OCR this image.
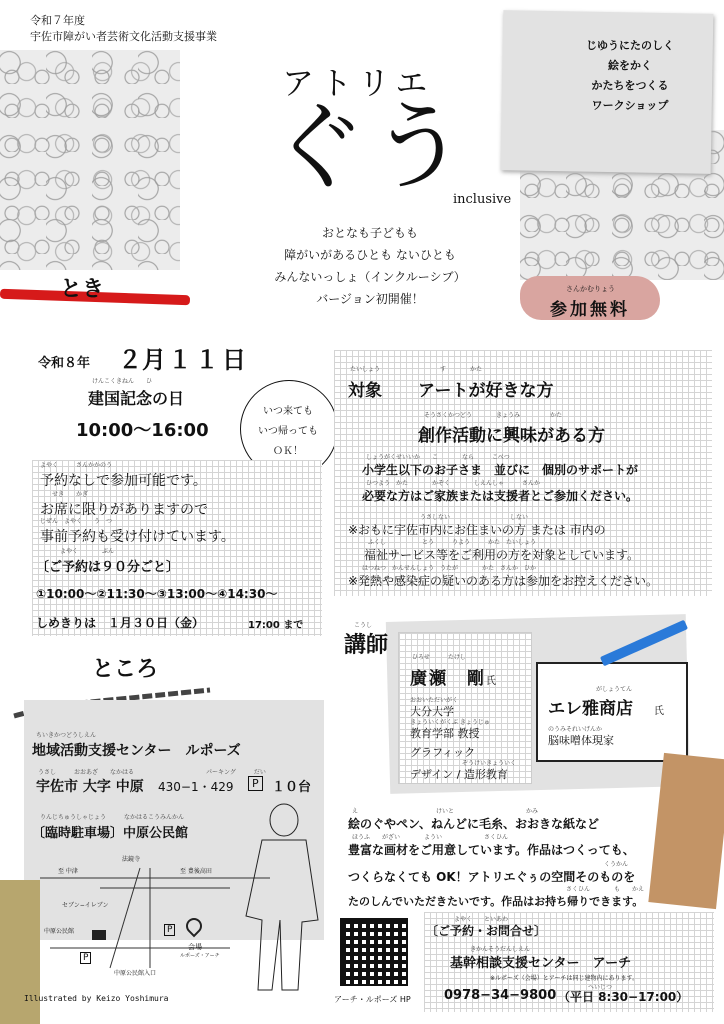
令和７年度
宇佐市障がい者芸術文化活動支援事業
アトリエ
ぐう
inclusive
じゆうにたのしく
絵をかく
かたちをつくる
ワークショップ
おとなも子どもも
障がいがあるひとも ないひとも
みんないっしょ（インクルーシブ）
バージョン初開催！
さんかむりょう
参加無料
とき
令和８年 ２月 １１日
けんこくきねん　　ひ
建国記念の日
10:00〜16:00
いつ来ても
いつ帰っても
ＯＫ！
よやく　　　さんかかのう
予約なしで参加可能です。
せき　　かぎ
お席に限りがありますので
じぜん　よやく　　う　つ
事前予約も受け付けています。
よやく　　　　ぶん
〔ご予約は９０分ごと〕
①10:00〜②11:30〜③13:00〜④14:30〜
しめきりは　１月３０日（金）	17:00 まで
たいしょう　　　　　　　　　　す　　　　かた
対象 アートが好きな方
そうさくかつどう　　　　きょうみ　　　　　かた
創作活動に興味がある方
しょうがくせいいか　　こ　　　　なら　　　こべつ
小学生以下のお子さま　並びに　個別のサポートが
ひつよう　かた　　　　かぞく　　　　しえんしゃ　　　さんか
必要な方はご家族または支援者とご参加ください。
うさしない　　　　　　　　　　しない
※おもに宇佐市内にお住まいの方 または 市内の
ふくし　　　　　　とう　　　りよう　　　かた　たいしょう
福祉サービス等をご利用の方を対象としています。
はつねつ　かんせんしょう　うたが　　　　かた　さんか　ひか
※発熱や感染症の疑いのある方は参加をお控えください。
こうし
講師	ひろせ　　　たけし
廣瀬　剛 氏
おおいただいがく
大分大学
きょういくがくぶ きょうじゅ
教育学部 教授
グラフィック
ぞうけいきょういく
デザイン / 造形教育
がしょうてん
エレ雅商店 氏
のうみそれいげんか
脳味噌体現家
ところ
ちいきかつどうしえん
地域活動支援センター　ルポーズ
うさし　　　おおあざ　　なかはる　　　　　　　　　　　　パーキング　　　だい
宇佐市 大字 中原 430−1・429	P	１０台
りんじちゅうしゃじょう　　　なかはるこうみんかん
〔臨時駐車場〕中原公民館
至 中津	至 豊後高田
法鏡寺
セブン−イレブン
中原公民館
P
P
会場
ルポーズ・アーチ
中原公民館入口
え　　　　　　　　　　　　　けいと　　　　　　　　　　　　かみ
絵のぐやペン、ねんどに毛糸、おおきな紙など
ほうふ　　がざい　　　　ようい　　　　　　　さくひん
豊富な画材をご用意しています。作品はつくっても、
くうかん
つくらなくても OK！アトリエぐぅの空間そのものを
さくひん　　　　も　　かえ
たのしんでいただきたいです。作品はお持ち帰りできます。
アーチ・ルポーズ HP
よやく　　といあわ
〔ご予約・お問合せ〕
きかんそうだんしえん
基幹相談支援センター　アーチ
※ルポーズ（会場）とアーチは同じ建物内にあります。
0978−34−9800
へいじつ
（平日 8:30−17:00）
Illustrated by Keizo Yoshimura
